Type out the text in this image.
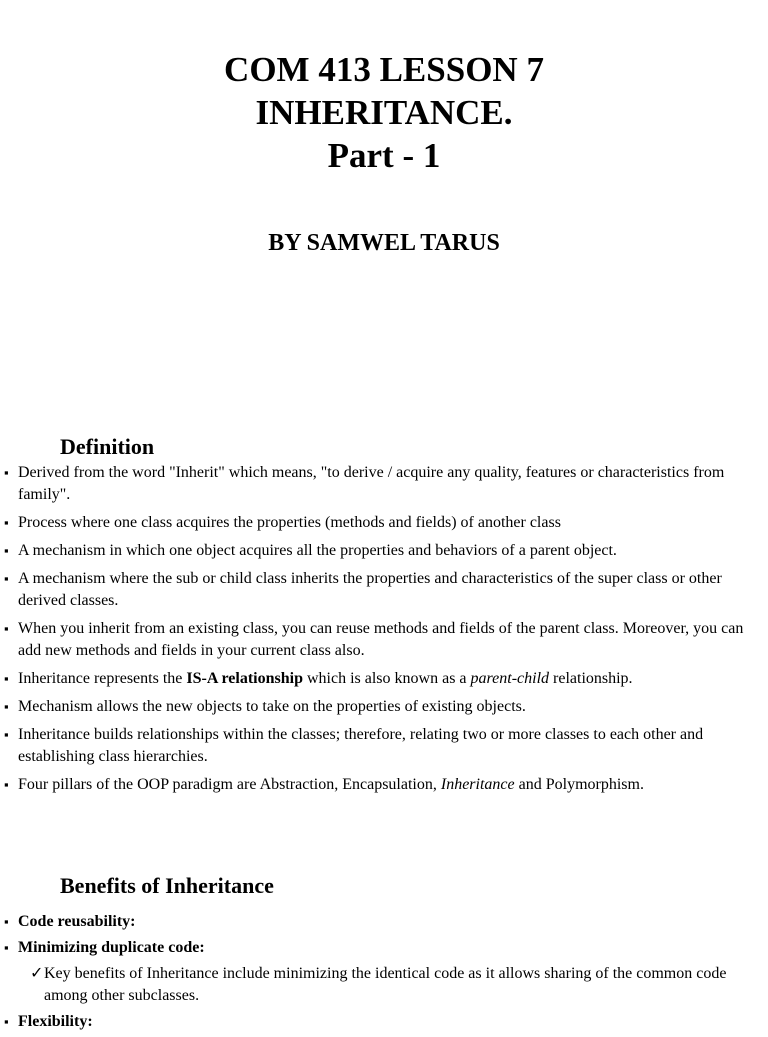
COM 413 LESSON 7

INHERITANCE.

Part - 1

BY SAMWEL TARUS

Definition
▪ Derived from the word "Inherit" which means, "to derive / acquire any quality, features or characteristics from family".
▪ Process where one class acquires the properties (methods and fields) of another class
▪ A mechanism in which one object acquires all the properties and behaviors of a parent object.
▪ A mechanism where the sub or child class inherits the properties and characteristics of the super class or other derived classes.
▪ When you inherit from an existing class, you can reuse methods and fields of the parent class. Moreover, you can add new methods and fields in your current class also.
▪ Inheritance represents the IS-A relationship which is also known as a parent-child relationship.
▪ Mechanism allows the new objects to take on the properties of existing objects.
▪ Inheritance builds relationships within the classes; therefore, relating two or more classes to each other and establishing class hierarchies.
▪ Four pillars of the OOP paradigm are Abstraction, Encapsulation, Inheritance and Polymorphism.
Benefits of Inheritance
▪ Code reusability:
▪ Minimizing duplicate code:
✓ Key benefits of Inheritance include minimizing the identical code as it allows sharing of the common code among other subclasses.
▪ Flexibility:
